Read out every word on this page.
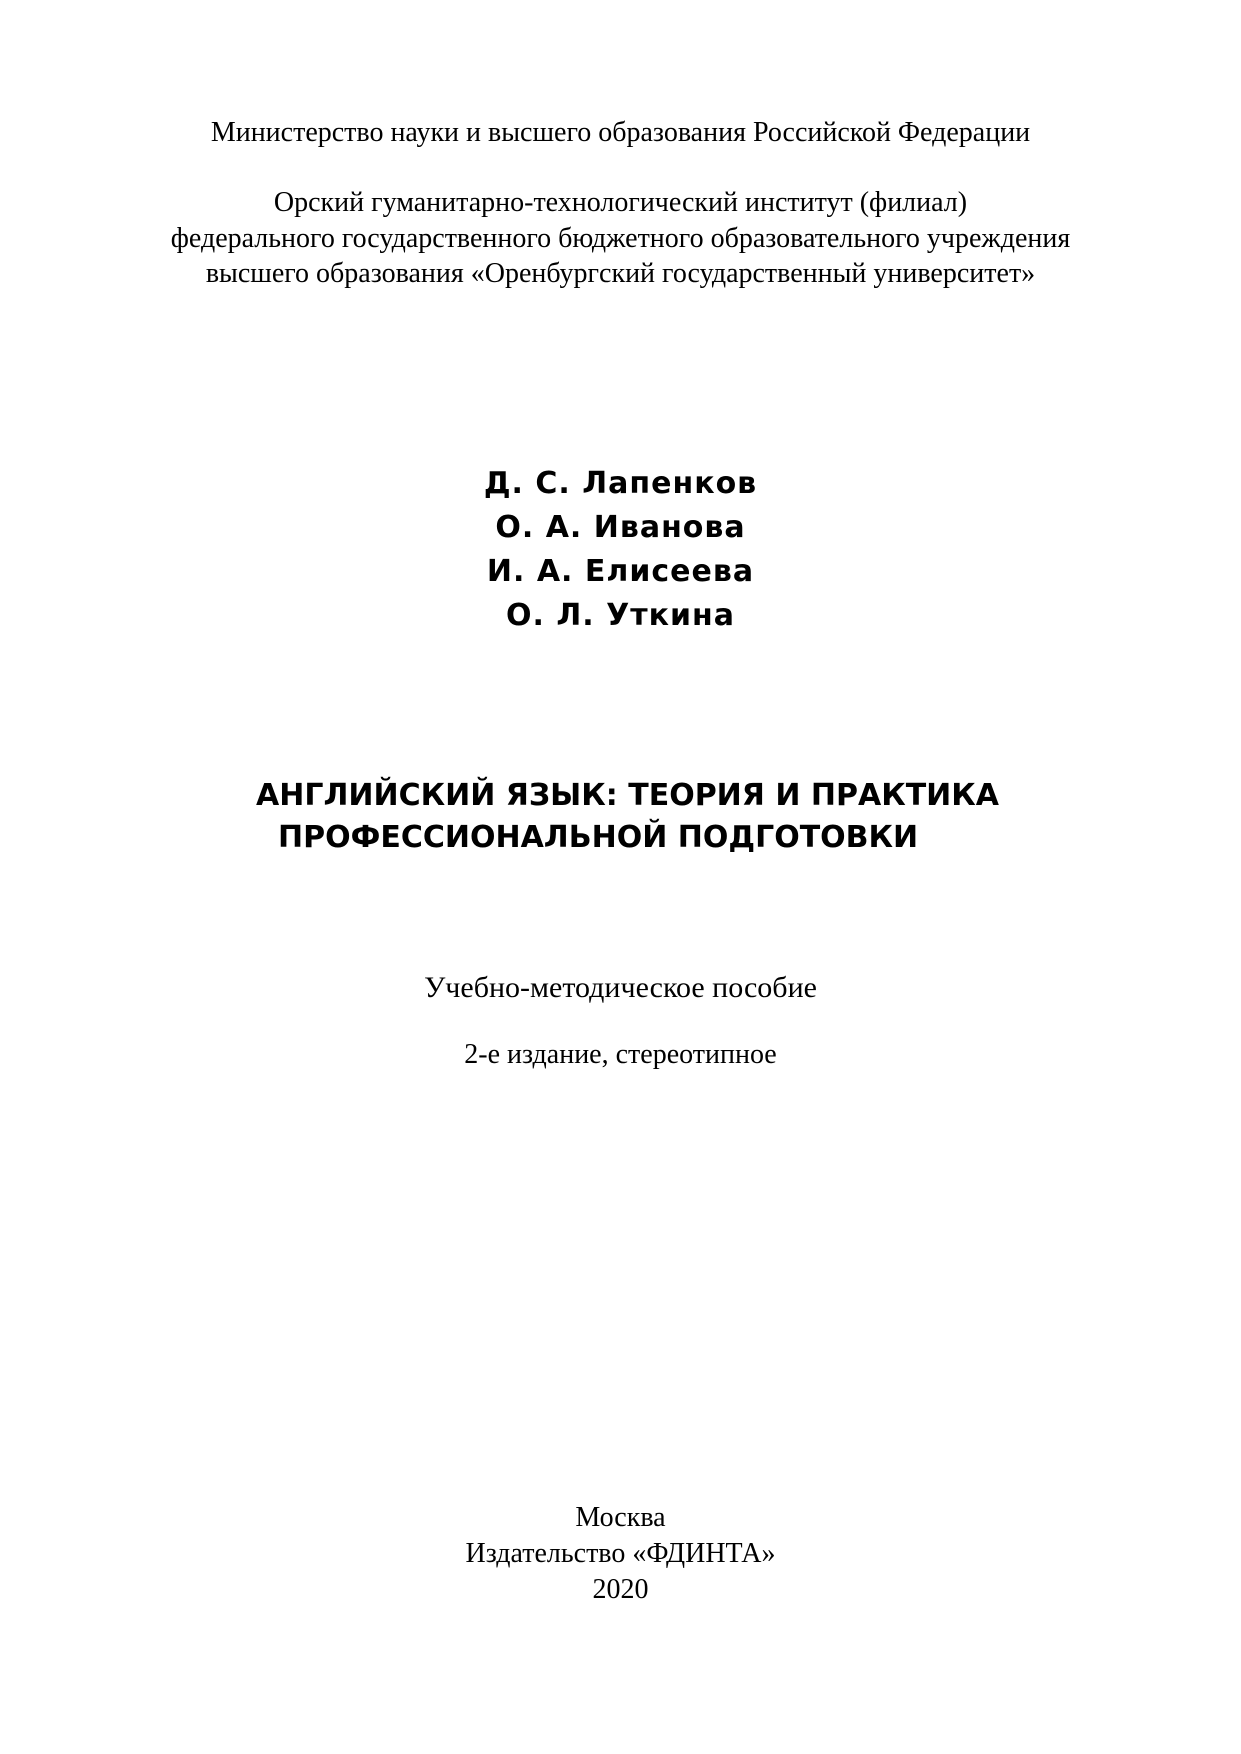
Министерство науки и высшего образования Российской Федерации
Орский гуманитарно-технологический институт (филиал)
федерального государственного бюджетного образовательного учреждения
высшего образования «Оренбургский государственный университет»
Д. С. Лапенков
О. А. Иванова
И. А. Елисеева
О. Л. Уткина
АНГЛИЙСКИЙ ЯЗЫК: ТЕОРИЯ И ПРАКТИКА
ПРОФЕССИОНАЛЬНОЙ ПОДГОТОВКИ
Учебно-методическое пособие
2-е издание, стереотипное
Москва
Издательство «ФДИНТА»
2020
